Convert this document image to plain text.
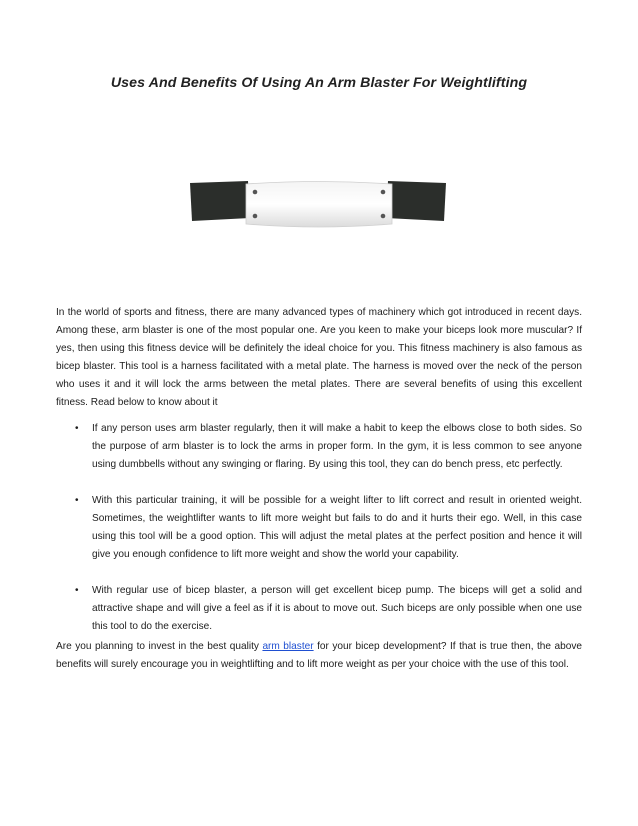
Uses And Benefits Of Using An Arm Blaster For Weightlifting

In the world of sports and fitness, there are many advanced types of machinery which got introduced in recent days. Among these, arm blaster is one of the most popular one. Are you keen to make your biceps look more muscular? If yes, then using this fitness device will be definitely the ideal choice for you. This fitness machinery is also famous as bicep blaster. This tool is a harness facilitated with a metal plate. The harness is moved over the neck of the person who uses it and it will lock the arms between the metal plates. There are several benefits of using this excellent fitness. Read below to know about it

• If any person uses arm blaster regularly, then it will make a habit to keep the elbows close to both sides. So the purpose of arm blaster is to lock the arms in proper form. In the gym, it is less common to see anyone using dumbbells without any swinging or flaring. By using this tool, they can do bench press, etc perfectly.
• With this particular training, it will be possible for a weight lifter to lift correct and result in oriented weight. Sometimes, the weightlifter wants to lift more weight but fails to do and it hurts their ego. Well, in this case using this tool will be a good option. This will adjust the metal plates at the perfect position and hence it will give you enough confidence to lift more weight and show the world your capability.
• With regular use of bicep blaster, a person will get excellent bicep pump. The biceps will get a solid and attractive shape and will give a feel as if it is about to move out. Such biceps are only possible when one use this tool to do the exercise.

Are you planning to invest in the best quality arm blaster for your bicep development? If that is true then, the above benefits will surely encourage you in weightlifting and to lift more weight as per your choice with the use of this tool.
